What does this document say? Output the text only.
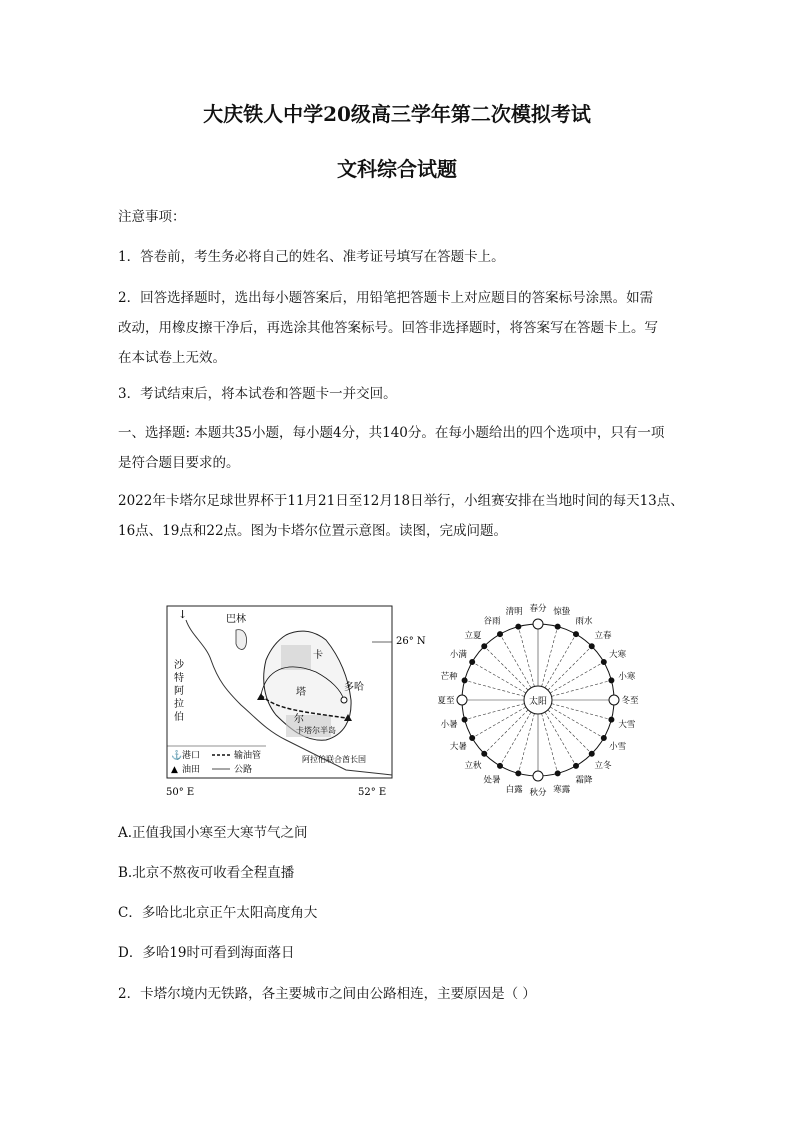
大庆铁人中学20级高三学年第二次模拟考试
文科综合试题
注意事项：
1．答卷前，考生务必将自己的姓名、准考证号填写在答题卡上。
2．回答选择题时，选出每小题答案后，用铅笔把答题卡上对应题目的答案标号涂黑。如需
改动，用橡皮擦干净后，再选涂其他答案标号。回答非选择题时，将答案写在答题卡上。写
在本试卷上无效。
3．考试结束后，将本试卷和答题卡一并交回。
一、选择题: 本题共35小题，每小题4分，共140分。在每小题给出的四个选项中，只有一项
是符合题目要求的。
2022年卡塔尔足球世界杯于11月21日至12月18日举行，小组赛安排在当地时间的每天13点、
16点、19点和22点。图为卡塔尔位置示意图。读图，完成问题。
↓	巴林
26° N
沙
特
阿
拉
伯
卡
塔
尔
多哈
卡塔尔半岛
阿拉伯联合酋长国
⚓ 港口
▲ 油田
输油管
公路
50° E	52° E
太阳
春分 惊蛰
雨水
立春
大寒
小寒
冬至
大雪
小雪
立冬
霜降
寒露
秋分
白露
处暑
立秋
大暑
小暑
夏至
芒种
小满
立夏
谷雨
清明
A.正值我国小寒至大寒节气之间
B.北京不熬夜可收看全程直播
C．多哈比北京正午太阳高度角大
D．多哈19时可看到海面落日
2．卡塔尔境内无铁路，各主要城市之间由公路相连，主要原因是（ ）
